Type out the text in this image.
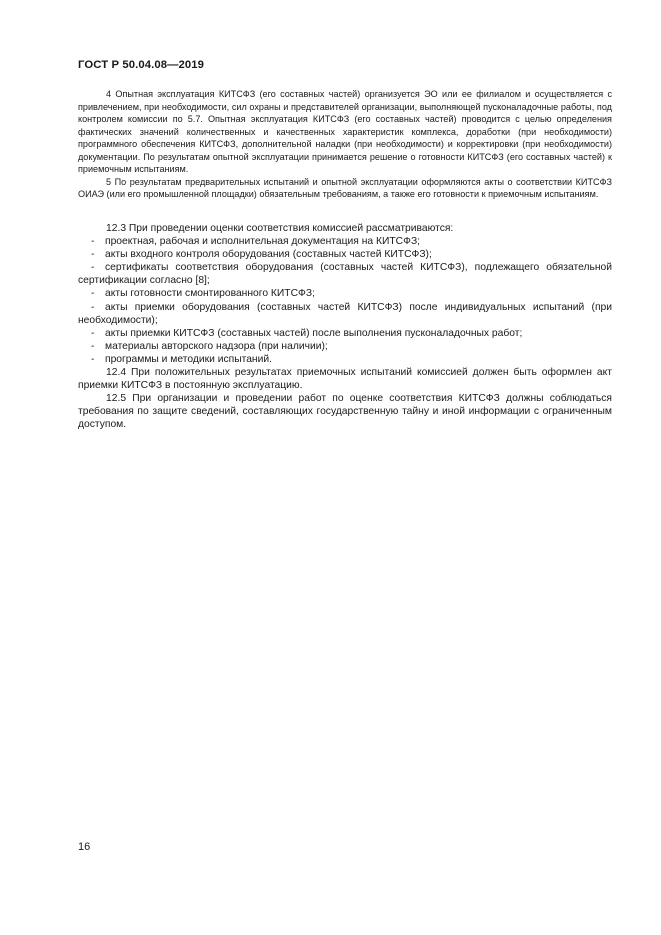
ГОСТ Р 50.04.08—2019

4 Опытная эксплуатация КИТСФЗ (его составных частей) организуется ЭО или ее филиалом и осуществляется с привлечением, при необходимости, сил охраны и представителей организации, выполняющей пусконаладочные работы, под контролем комиссии по 5.7. Опытная эксплуатация КИТСФЗ (его составных частей) проводится с целью определения фактических значений количественных и качественных характеристик комплекса, доработки (при необходимости) программного обеспечения КИТСФЗ, дополнительной наладки (при необходимости) и корректировки (при необходимости) документации. По результатам опытной эксплуатации принимается решение о готовности КИТСФЗ (его составных частей) к приемочным испытаниям.

5 По результатам предварительных испытаний и опытной эксплуатации оформляются акты о соответствии КИТСФЗ ОИАЭ (или его промышленной площадки) обязательным требованиям, а также его готовности к приемочным испытаниям.

12.3 При проведении оценки соответствия комиссией рассматриваются:

- проектная, рабочая и исполнительная документация на КИТСФЗ;

- акты входного контроля оборудования (составных частей КИТСФЗ);

- сертификаты соответствия оборудования (составных частей КИТСФЗ), подлежащего обязательной сертификации согласно [8];

- акты готовности смонтированного КИТСФЗ;

- акты приемки оборудования (составных частей КИТСФЗ) после индивидуальных испытаний (при необходимости);

- акты приемки КИТСФЗ (составных частей) после выполнения пусконаладочных работ;

- материалы авторского надзора (при наличии);

- программы и методики испытаний.

12.4 При положительных результатах приемочных испытаний комиссией должен быть оформлен акт приемки КИТСФЗ в постоянную эксплуатацию.

12.5 При организации и проведении работ по оценке соответствия КИТСФЗ должны соблюдаться требования по защите сведений, составляющих государственную тайну и иной информации с ограниченным доступом.

16
